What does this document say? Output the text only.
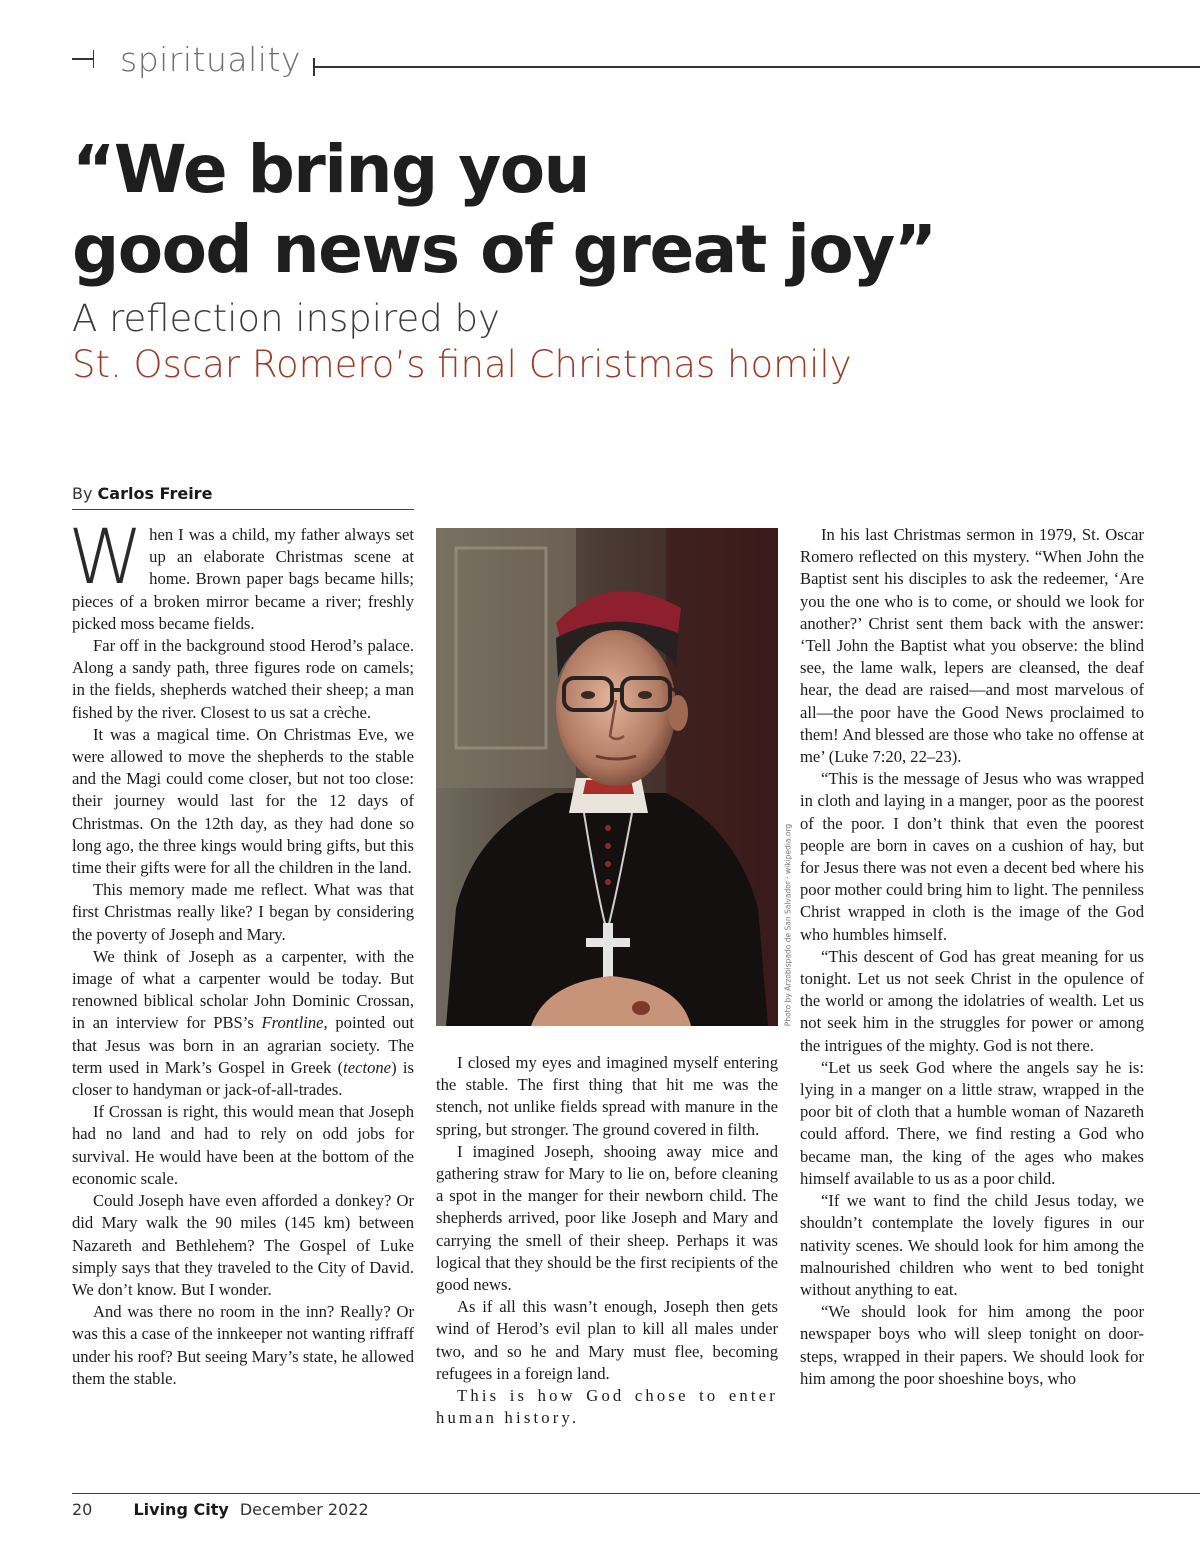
spirituality
“We bring you
good news of great joy”
A reflection inspired by
St. Oscar Romero’s final Christmas homily
By Carlos Freire

When I was a child, my father always set up an elaborate Christmas scene at home. Brown paper bags became hills; pieces of a broken mirror became a river; freshly picked moss became fields.

Far off in the background stood Herod’s palace. Along a sandy path, three figures rode on camels; in the fields, shepherds watched their sheep; a man fished by the river. Closest to us sat a crèche.

It was a magical time. On Christmas Eve, we were allowed to move the shepherds to the stable and the Magi could come closer, but not too close: their journey would last for the 12 days of Christmas. On the 12th day, as they had done so long ago, the three kings would bring gifts, but this time their gifts were for all the children in the land.

This memory made me reflect. What was that first Christmas really like? I began by considering the poverty of Joseph and Mary.

We think of Joseph as a carpenter, with the image of what a carpenter would be today. But renowned biblical scholar John Dominic Crossan, in an interview for PBS’s Frontline, pointed out that Jesus was born in an agrarian society. The term used in Mark’s Gospel in Greek (tectone) is closer to handyman or jack-of-all-trades.

If Crossan is right, this would mean that Joseph had no land and had to rely on odd jobs for survival. He would have been at the bottom of the economic scale.

Could Joseph have even afforded a donkey? Or did Mary walk the 90 miles (145 km) between Nazareth and Bethlehem? The Gospel of Luke simply says that they traveled to the City of David. We don’t know. But I wonder.

And was there no room in the inn? Really? Or was this a case of the innkeeper not wanting riffraff under his roof? But seeing Mary’s state, he allowed them the stable.

Photo by Arzobispado de San Salvador · wikipedia.org

I closed my eyes and imagined myself entering the stable. The first thing that hit me was the stench, not unlike fields spread with manure in the spring, but stronger. The ground covered in filth.

I imagined Joseph, shooing away mice and gathering straw for Mary to lie on, before cleaning a spot in the manger for their newborn child. The shepherds arrived, poor like Joseph and Mary and carrying the smell of their sheep. Perhaps it was logical that they should be the first recipients of the good news.

As if all this wasn’t enough, Joseph then gets wind of Herod’s evil plan to kill all males under two, and so he and Mary must flee, becoming refugees in a foreign land.

This is how God chose to enter human history.

In his last Christmas sermon in 1979, St. Oscar Romero reflected on this mystery. “When John the Baptist sent his disciples to ask the redeemer, ‘Are you the one who is to come, or should we look for another?’ Christ sent them back with the answer: ‘Tell John the Baptist what you observe: the blind see, the lame walk, lepers are cleansed, the deaf hear, the dead are raised—and most marvelous of all—the poor have the Good News proclaimed to them! And blessed are those who take no offense at me’ (Luke 7:20, 22–23).

“This is the message of Jesus who was wrapped in cloth and laying in a manger, poor as the poorest of the poor. I don’t think that even the poorest people are born in caves on a cushion of hay, but for Jesus there was not even a decent bed where his poor mother could bring him to light. The penniless Christ wrapped in cloth is the image of the God who humbles himself.

“This descent of God has great meaning for us tonight. Let us not seek Christ in the opulence of the world or among the idolatries of wealth. Let us not seek him in the struggles for power or among the intrigues of the mighty. God is not there.

“Let us seek God where the angels say he is: lying in a manger on a little straw, wrapped in the poor bit of cloth that a humble woman of Nazareth could afford. There, we find resting a God who became man, the king of the ages who makes himself available to us as a poor child.

“If we want to find the child Jesus today, we shouldn’t contemplate the lovely figures in our nativity scenes. We should look for him among the malnourished children who went to bed tonight without anything to eat.

“We should look for him among the poor newspaper boys who will sleep tonight on door-steps, wrapped in their papers. We should look for him among the poor shoeshine boys, who

20	Living City December 2022
